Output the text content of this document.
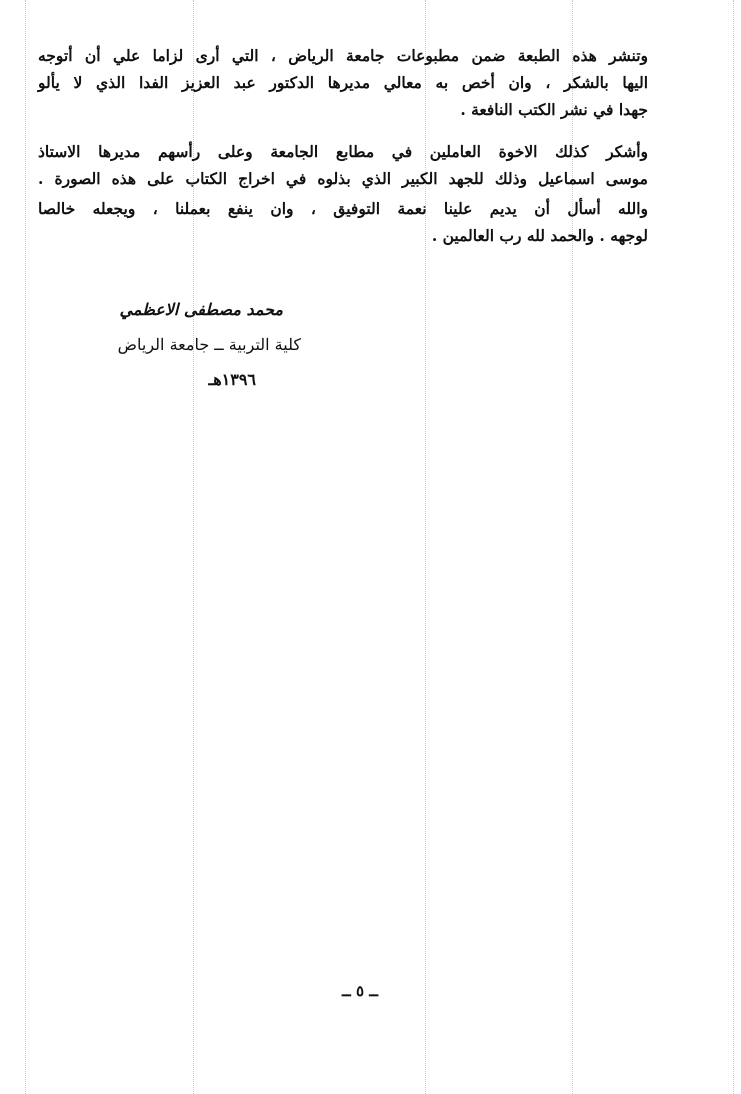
وتنشر هذه الطبعة ضمن مطبوعات جامعة الرياض ، التي أرى لزاما علي أن أتوجه
اليها بالشكر ، وان أخص به معالي مديرها الدكتور عبد العزيز الفدا الذي لا يألو
جهدا في نشر الكتب النافعة .
وأشكر كذلك الاخوة العاملين في مطابع الجامعة وعلى رأسهم مديرها الاستاذ
موسى اسماعيل وذلك للجهد الكبير الذي بذلوه في اخراج الكتاب على هذه الصورة .
والله أسأل أن يديم علينا نعمة التوفيق ، وان ينفع بعملنا ، ويجعله خالصا
لوجهه . والحمد لله رب العالمين .
محمد مصطفى الاعظمي
كلية التربية ــ جامعة الرياض
١٣٩٦هـ
ــ ٥ ــ
